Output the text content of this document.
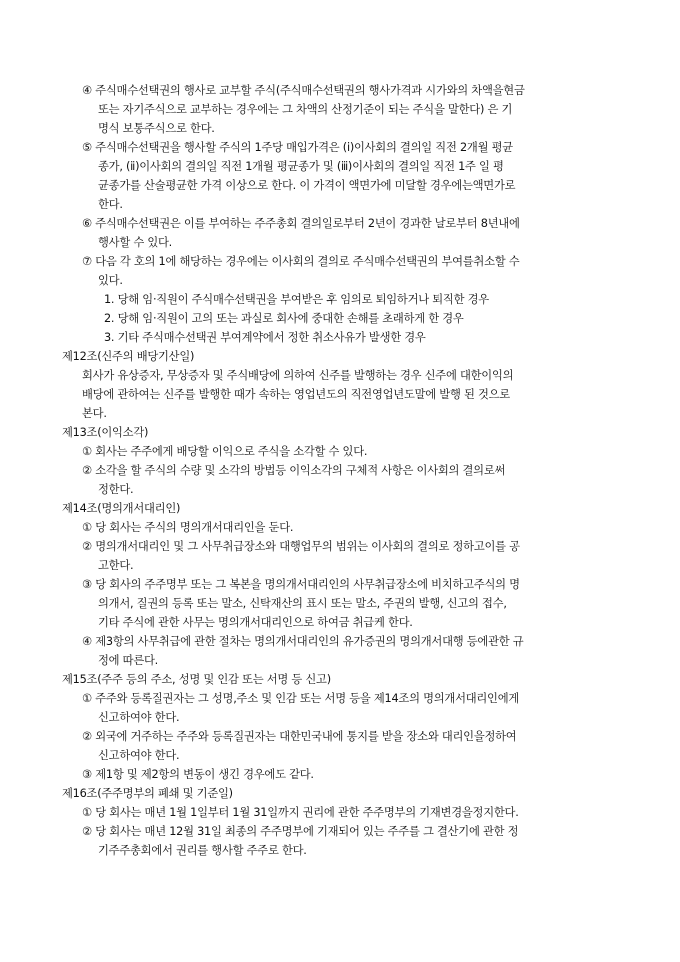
④ 주식매수선택권의 행사로 교부할 주식(주식매수선택권의 행사가격과 시가와의 차액을현금
또는 자기주식으로 교부하는 경우에는 그 차액의 산정기준이 되는 주식을 말한다) 은 기
명식 보통주식으로 한다.
⑤ 주식매수선택권을 행사할 주식의 1주당 매입가격은 (ⅰ)이사회의 결의일 직전 2개월 평균
종가, (ⅱ)이사회의 결의일 직전 1개월 평균종가 및 (ⅲ)이사회의 결의일 직전 1주 일 평
균종가를 산술평균한 가격 이상으로 한다. 이 가격이 액면가에 미달할 경우에는액면가로
한다.
⑥ 주식매수선택권은 이를 부여하는 주주총회 결의일로부터 2년이 경과한 날로부터 8년내에
행사할 수 있다.
⑦ 다음 각 호의 1에 해당하는 경우에는 이사회의 결의로 주식매수선택권의 부여를취소할 수
있다.
1. 당해 임·직원이 주식매수선택권을 부여받은 후 임의로 퇴임하거나 퇴직한 경우
2. 당해 임·직원이 고의 또는 과실로 회사에 중대한 손해를 초래하게 한 경우
3. 기타 주식매수선택권 부여계약에서 정한 취소사유가 발생한 경우
제12조(신주의 배당기산일)
회사가 유상증자, 무상증자 및 주식배당에 의하여 신주를 발행하는 경우 신주에 대한이익의
배당에 관하여는 신주를 발행한 때가 속하는 영업년도의 직전영업년도말에 발행 된 것으로
본다.
제13조(이익소각)
① 회사는 주주에게 배당할 이익으로 주식을 소각할 수 있다.
② 소각을 할 주식의 수량 및 소각의 방법등 이익소각의 구체적 사항은 이사회의 결의로써
정한다.
제14조(명의개서대리인)
① 당 회사는 주식의 명의개서대리인을 둔다.
② 명의개서대리인 및 그 사무취급장소와 대행업무의 범위는 이사회의 결의로 정하고이를 공
고한다.
③ 당 회사의 주주명부 또는 그 복본을 명의개서대리인의 사무취급장소에 비치하고주식의 명
의개서, 질권의 등록 또는 말소, 신탁재산의 표시 또는 말소, 주권의 발행, 신고의 접수,
기타 주식에 관한 사무는 명의개서대리인으로 하여금 취급케 한다.
④ 제3항의 사무취급에 관한 절차는 명의개서대리인의 유가증권의 명의개서대행 등에관한 규
정에 따른다.
제15조(주주 등의 주소, 성명 및 인감 또는 서명 등 신고)
① 주주와 등록질권자는 그 성명,주소 및 인감 또는 서명 등을 제14조의 명의개서대리인에게
신고하여야 한다.
② 외국에 거주하는 주주와 등록질권자는 대한민국내에 통지를 받을 장소와 대리인을정하여
신고하여야 한다.
③ 제1항 및 제2항의 변동이 생긴 경우에도 같다.
제16조(주주명부의 폐쇄 및 기준일)
① 당 회사는 매년 1월 1일부터 1월 31일까지 권리에 관한 주주명부의 기재변경을정지한다.
② 당 회사는 매년 12월 31일 최종의 주주명부에 기재되어 있는 주주를 그 결산기에 관한 정
기주주총회에서 권리를 행사할 주주로 한다.
